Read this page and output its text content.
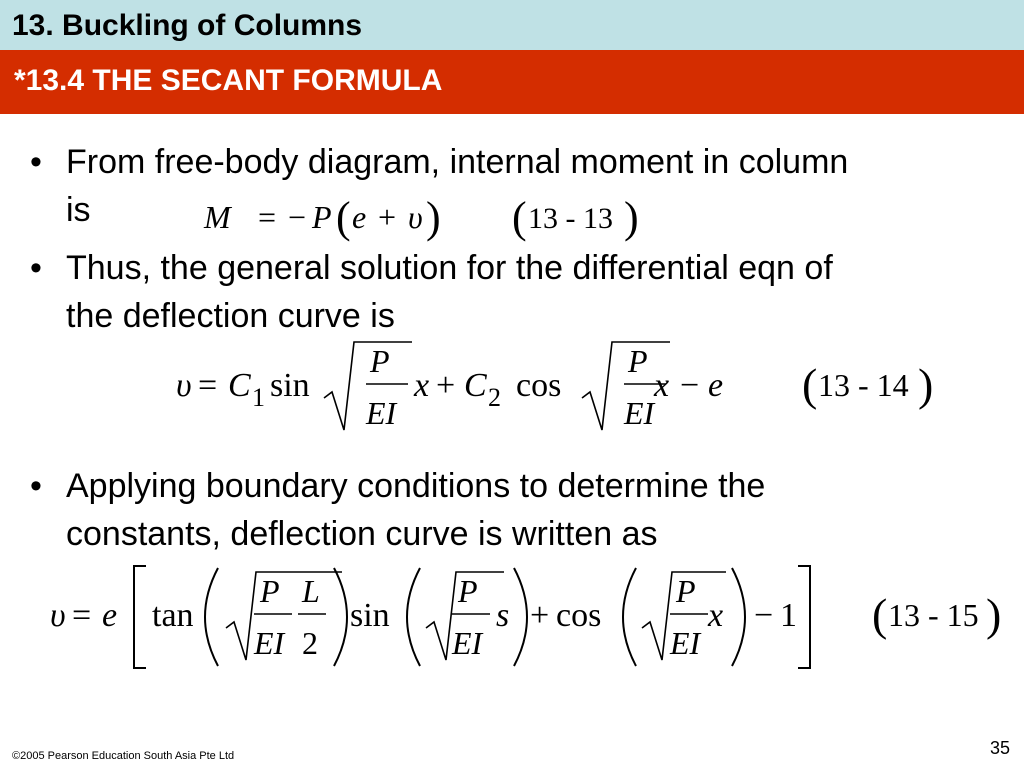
13. Buckling of Columns
*13.4 THE SECANT FORMULA
• From free-body diagram, internal moment in column
is	M = − P ( e + υ ) ( 13 - 13 )
• Thus, the general solution for the differential eqn of
the deflection curve is
υ = C 1 sin
P
EI
x + C 2 cos
P
EI
x − e ( 13 - 14 )
• Applying boundary conditions to determine the
constants, deflection curve is written as
υ = e tan
P
EI
L
2
sin
P
EI
s + cos
P
EI
x − 1 ( 13 - 15 )
©2005 Pearson Education South Asia Pte Ltd	35
